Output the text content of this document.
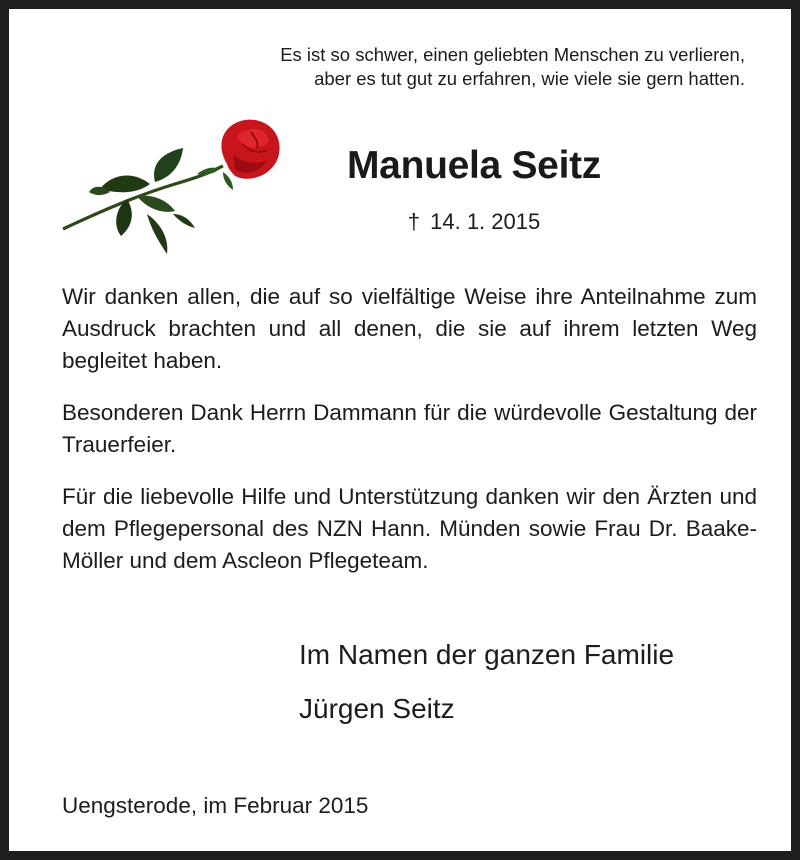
Es ist so schwer, einen geliebten Menschen zu verlieren,
aber es tut gut zu erfahren, wie viele sie gern hatten.
Manuela Seitz
† 14. 1. 2015

Wir danken allen, die auf so vielfältige Weise ihre Anteilnahme zum Ausdruck brachten und all denen, die sie auf ihrem letzten Weg begleitet haben.

Besonderen Dank Herrn Dammann für die würdevolle Gestaltung der Trauerfeier.

Für die liebevolle Hilfe und Unterstützung danken wir den Ärzten und dem Pflegepersonal des NZN Hann. Münden sowie Frau Dr. Baake-Möller und dem Ascleon Pflegeteam.

Im Namen der ganzen Familie
Jürgen Seitz
Uengsterode, im Februar 2015
